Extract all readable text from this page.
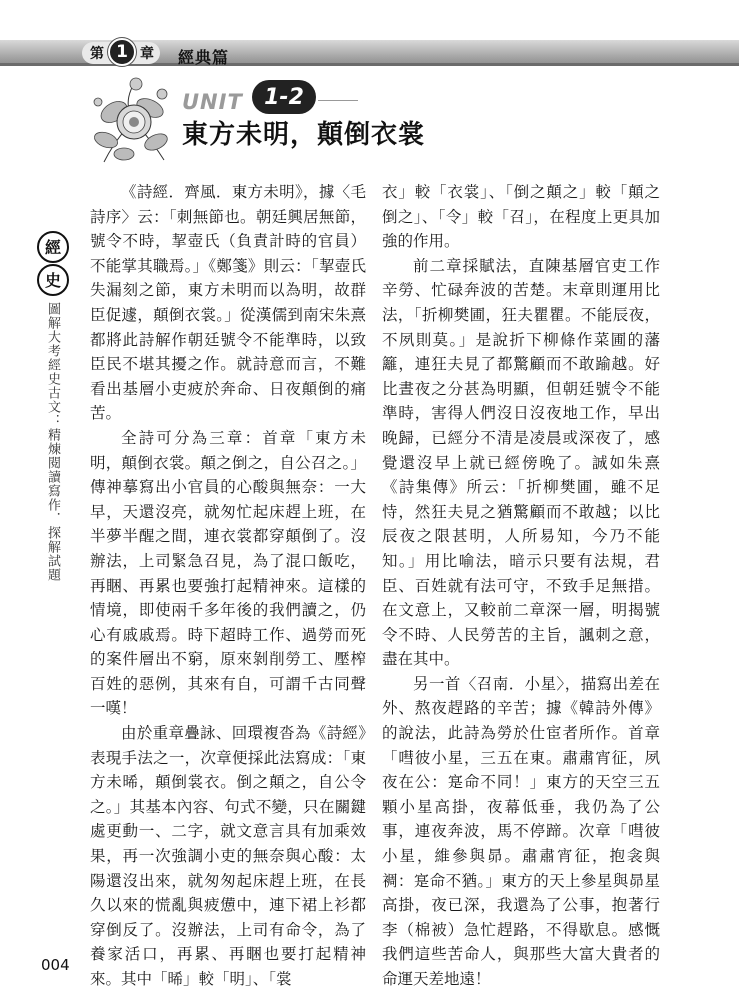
第 1 章 經典篇
UNIT 1-2
東方未明，顛倒衣裳
經
史
圖解大考經史古文：精煉閱讀寫作．探解試題

《詩經．齊風．東方未明》，據〈毛詩序〉云：「刺無節也。朝廷興居無節，號令不時，挈壺氏（負責計時的官員）不能掌其職焉。」《鄭箋》則云：「挈壺氏失漏刻之節，東方未明而以為明，故群臣促遽，顛倒衣裳。」從漢儒到南宋朱熹都將此詩解作朝廷號令不能準時，以致臣民不堪其擾之作。就詩意而言，不難看出基層小吏疲於奔命、日夜顛倒的痛苦。

全詩可分為三章：首章「東方未明，顛倒衣裳。顛之倒之，自公召之。」傳神摹寫出小官員的心酸與無奈：一大早，天還沒亮，就匆忙起床趕上班，在半夢半醒之間，連衣裳都穿顛倒了。沒辦法，上司緊急召見，為了混口飯吃，再睏、再累也要強打起精神來。這樣的情境，即使兩千多年後的我們讀之，仍心有戚戚焉。時下超時工作、過勞而死的案件層出不窮，原來剝削勞工、壓榨百姓的惡例，其來有自，可謂千古同聲一嘆！

由於重章疊詠、回環複沓為《詩經》表現手法之一，次章便採此法寫成：「東方未晞，顛倒裳衣。倒之顛之，自公令之。」其基本內容、句式不變，只在關鍵處更動一、二字，就文意言具有加乘效果，再一次強調小吏的無奈與心酸：太陽還沒出來，就匆匆起床趕上班，在長久以來的慌亂與疲憊中，連下裙上衫都穿倒反了。沒辦法，上司有命令，為了養家活口，再累、再睏也要打起精神來。其中「晞」較「明」、「裳

衣」較「衣裳」、「倒之顛之」較「顛之倒之」、「令」較「召」，在程度上更具加強的作用。

前二章採賦法，直陳基層官吏工作辛勞、忙碌奔波的苦楚。末章則運用比法，「折柳樊圃，狂夫瞿瞿。不能辰夜，不夙則莫。」是說折下柳條作菜圃的藩籬，連狂夫見了都驚顧而不敢踰越。好比晝夜之分甚為明顯，但朝廷號令不能準時，害得人們沒日沒夜地工作，早出晚歸，已經分不清是凌晨或深夜了，感覺還沒早上就已經傍晚了。誠如朱熹《詩集傳》所云：「折柳樊圃，雖不足恃，然狂夫見之猶驚顧而不敢越；以比辰夜之限甚明，人所易知，今乃不能知。」用比喻法，暗示只要有法規，君臣、百姓就有法可守，不致手足無措。在文意上，又較前二章深一層，明揭號令不時、人民勞苦的主旨，諷刺之意，盡在其中。

另一首〈召南．小星〉，描寫出差在外、熬夜趕路的辛苦；據《韓詩外傳》的說法，此詩為勞於仕宦者所作。首章「嘒彼小星，三五在東。肅肅宵征，夙夜在公：寔命不同！」東方的天空三五顆小星高掛，夜幕低垂，我仍為了公事，連夜奔波，馬不停蹄。次章「嘒彼小星，維參與昴。肅肅宵征，抱衾與裯：寔命不猶。」東方的天上參星與昴星高掛，夜已深，我還為了公事，抱著行李（棉被）急忙趕路，不得歇息。感慨我們這些苦命人，與那些大富大貴者的命運天差地遠！

004
